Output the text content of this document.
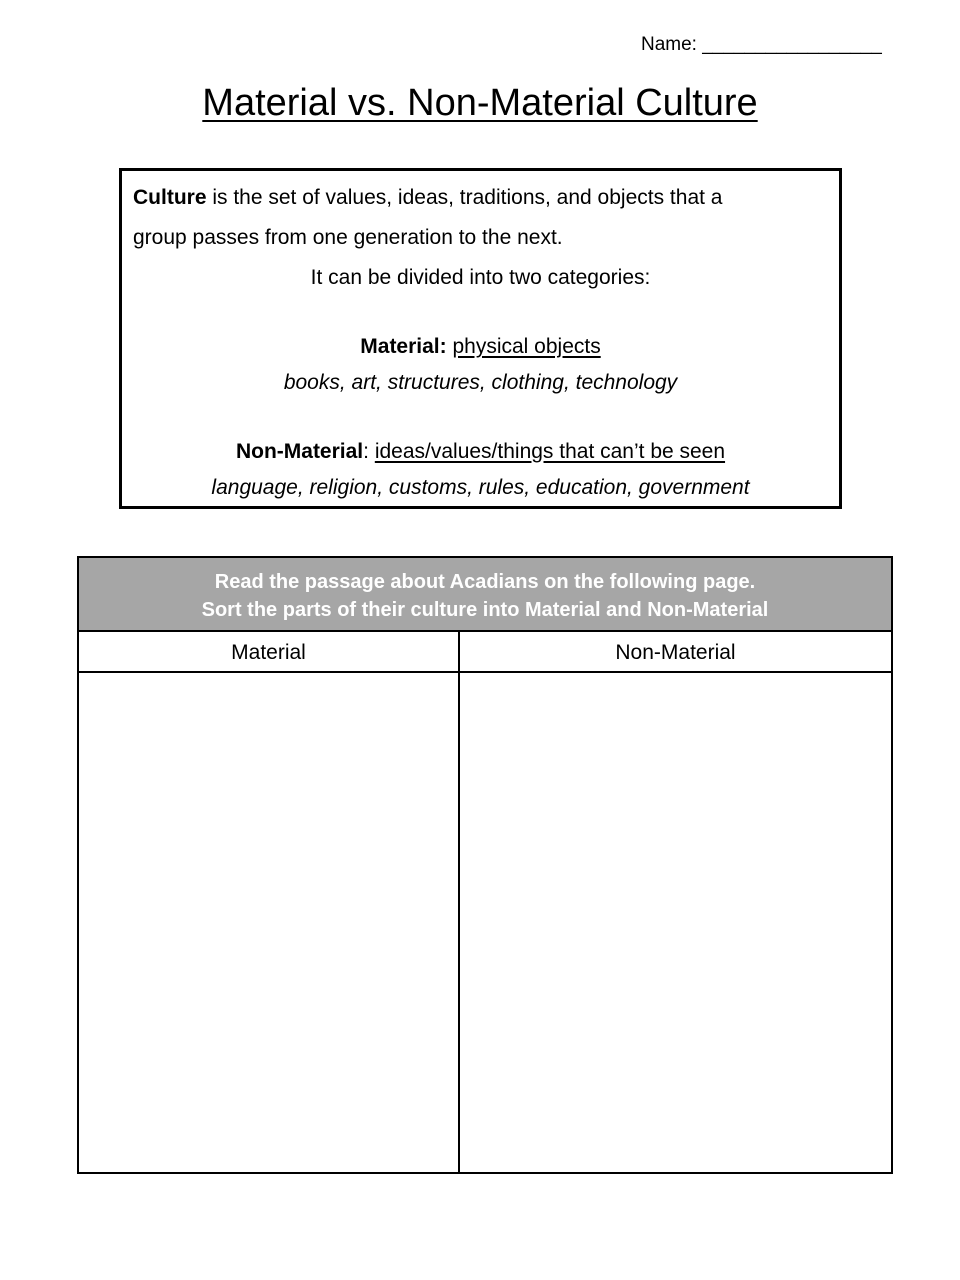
Name: _________________
Material vs. Non-Material Culture
Culture is the set of values, ideas, traditions, and objects that a
group passes from one generation to the next.
It can be divided into two categories:
Material: physical objects
books, art, structures, clothing, technology
Non-Material: ideas/values/things that can’t be seen
language, religion, customs, rules, education, government
Read the passage about Acadians on the following page.
Sort the parts of their culture into Material and Non-Material
Material	Non-Material
